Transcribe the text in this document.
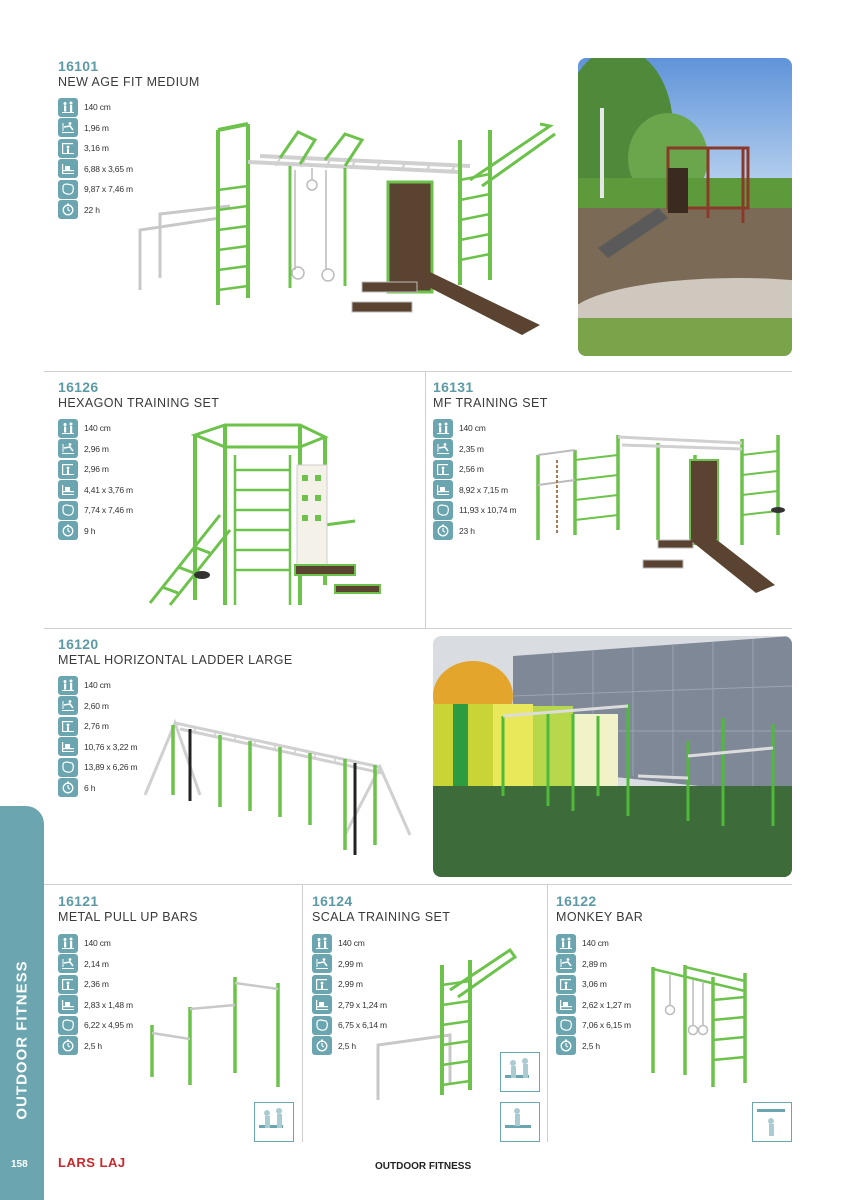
16101
NEW AGE FIT MEDIUM
140 cm
1,96 m
3,16 m
6,88 x 3,65 m
9,87 x 7,46 m
22 h
16126
HEXAGON TRAINING SET
140 cm
2,96 m
2,96 m
4,41 x 3,76 m
7,74 x 7,46 m
9 h
16131
MF TRAINING SET
140 cm
2,35 m
2,56 m
8,92 x 7,15 m
11,93 x 10,74 m
23 h
16120
METAL HORIZONTAL LADDER LARGE
140 cm
2,60 m
2,76 m
10,76 x 3,22 m
13,89 x 6,26 m
6 h
16121
METAL PULL UP BARS
140 cm
2,14 m
2,36 m
2,83 x 1,48 m
6,22 x 4,95 m
2,5 h
16124
SCALA TRAINING SET
140 cm
2,99 m
2,99 m
2,79 x 1,24 m
6,75 x 6,14 m
2,5 h
16122
MONKEY BAR
140 cm
2,89 m
3,06 m
2,62 x 1,27 m
7,06 x 6,15 m
2,5 h
OUTDOOR FITNESS
158 LARS LAJ	OUTDOOR FITNESS
